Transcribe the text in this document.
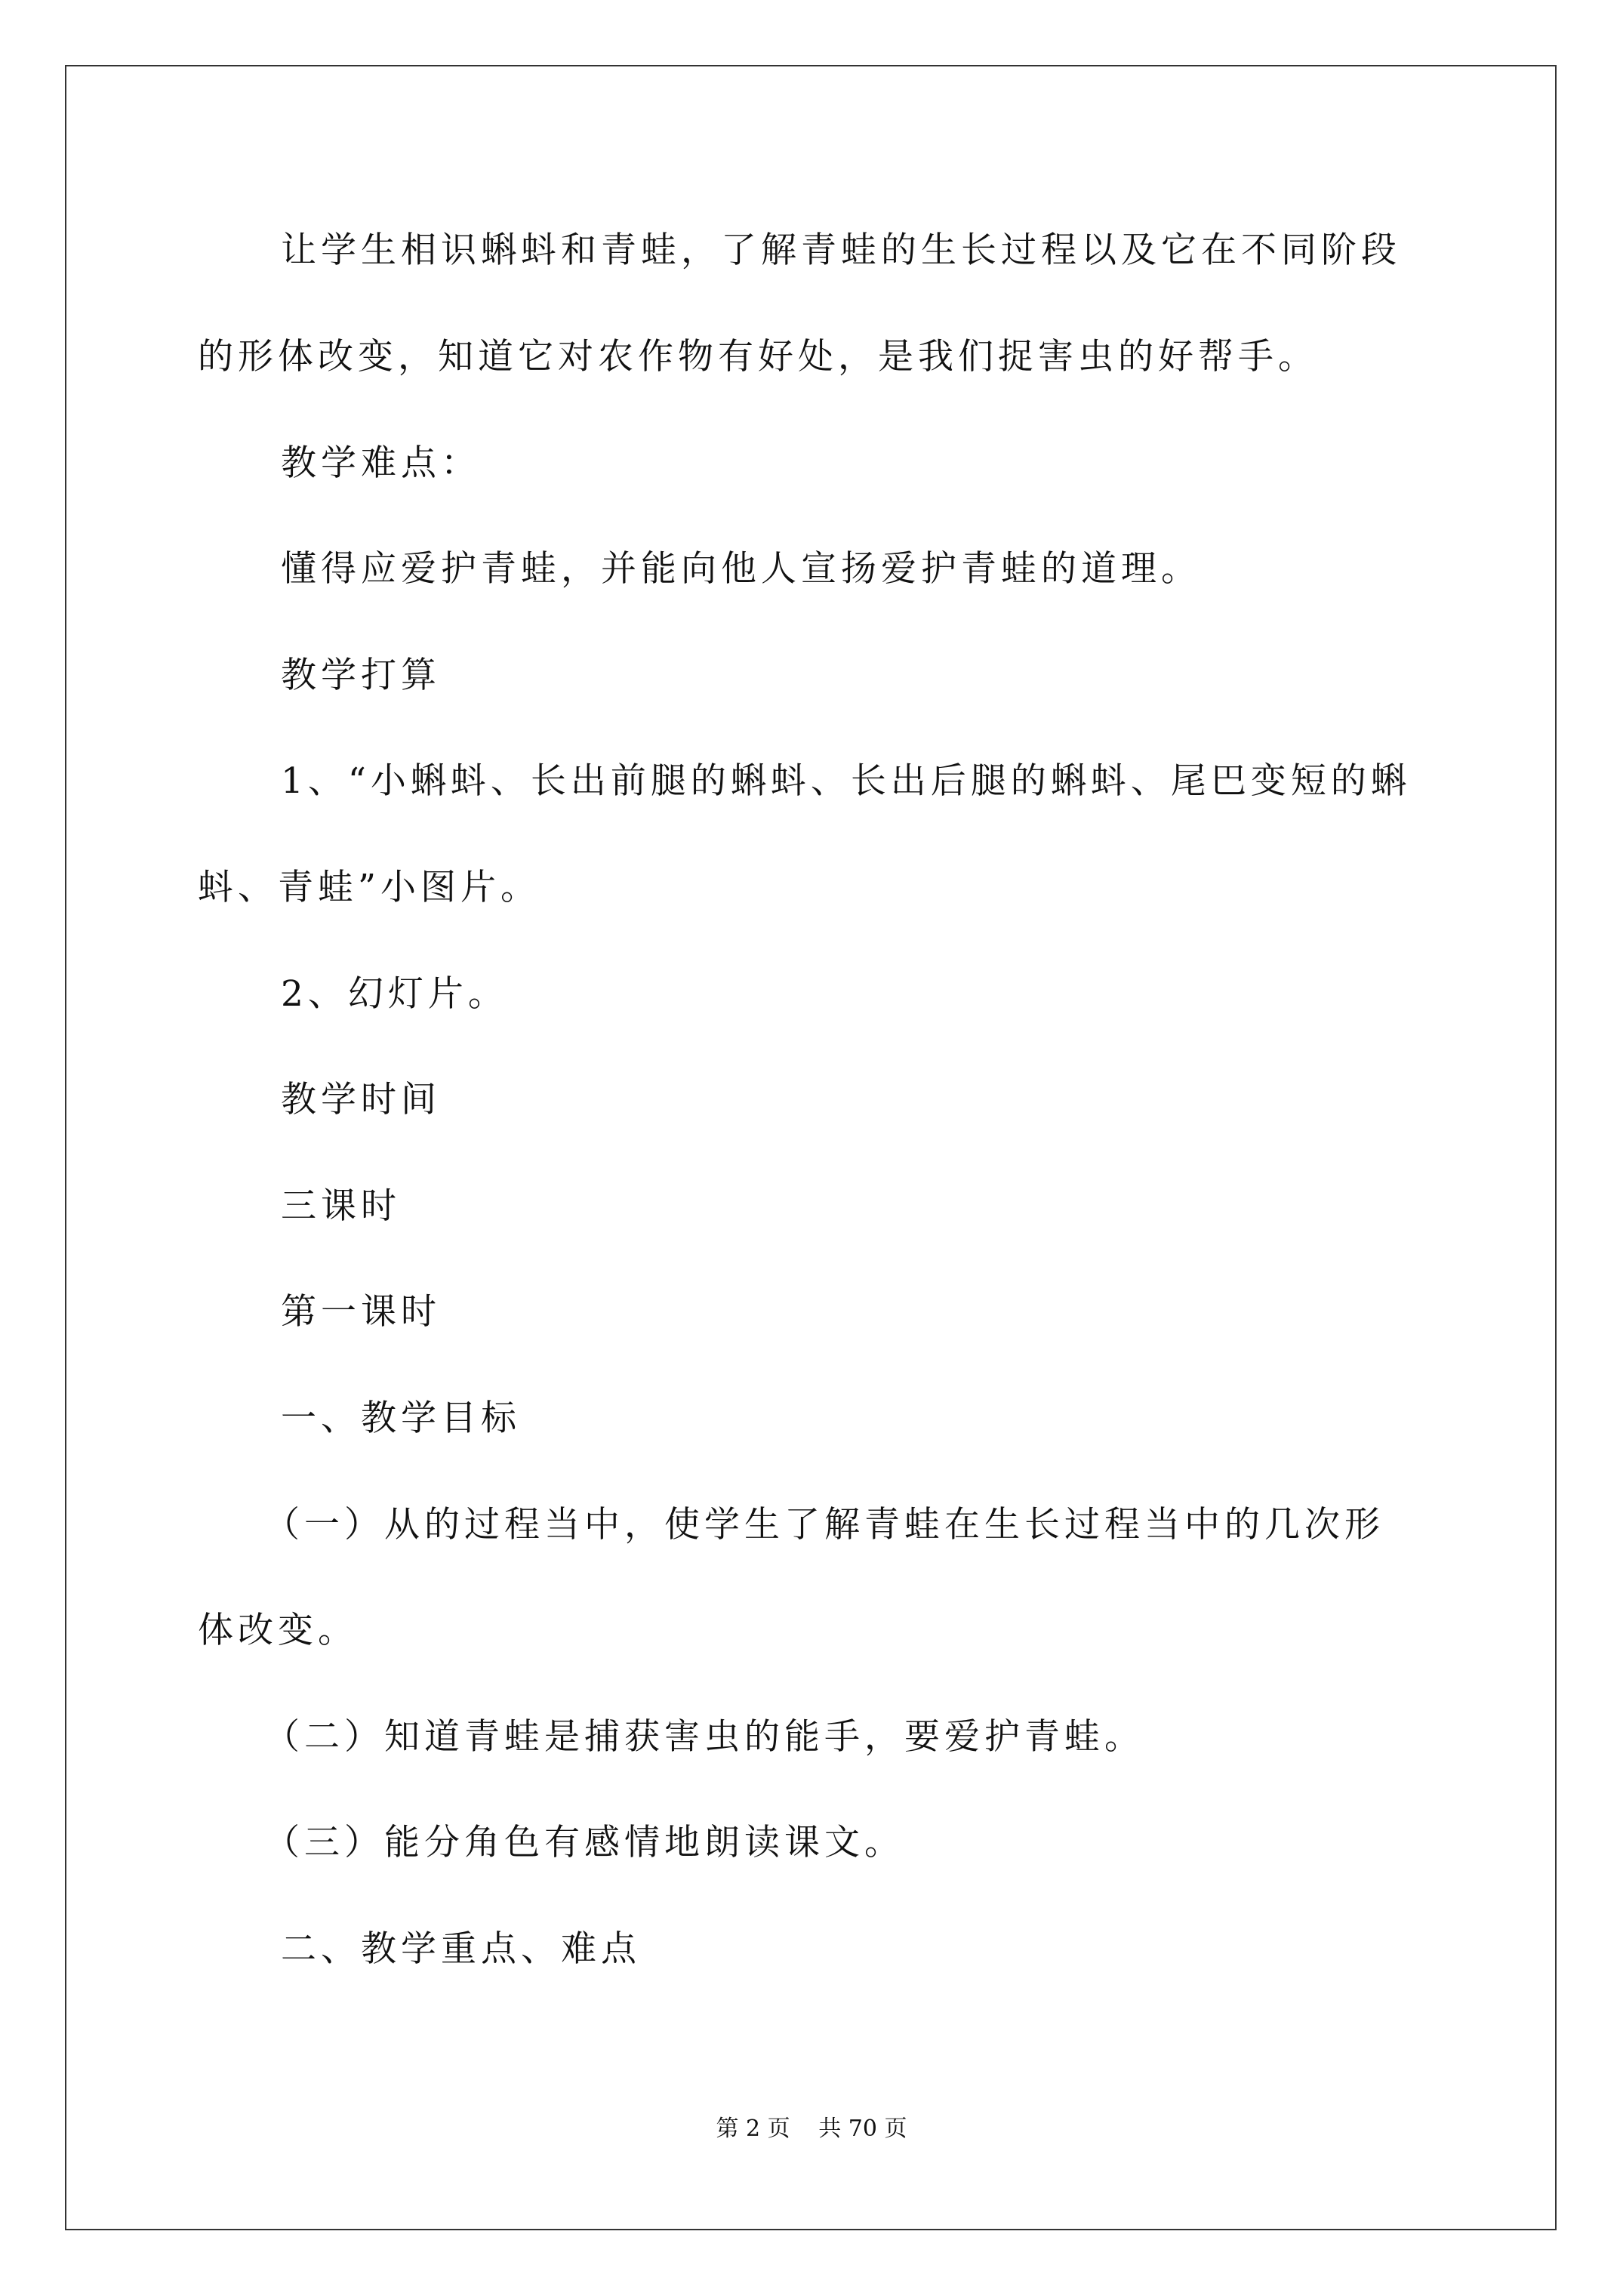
让学生相识蝌蚪和青蛙，了解青蛙的生长过程以及它在不同阶段
的形体改变，知道它对农作物有好处，是我们捉害虫的好帮手。
教学难点：
懂得应爱护青蛙，并能向他人宣扬爱护青蛙的道理。
教学打算
1、“小蝌蚪、长出前腿的蝌蚪、长出后腿的蝌蚪、尾巴变短的蝌
蚪、青蛙”小图片。
2、幻灯片。
教学时间
三课时
第一课时
一、教学目标
（一）从的过程当中，使学生了解青蛙在生长过程当中的几次形
体改变。
（二）知道青蛙是捕获害虫的能手，要爱护青蛙。
（三）能分角色有感情地朗读课文。
二、教学重点、难点
第 2 页 共 70 页
